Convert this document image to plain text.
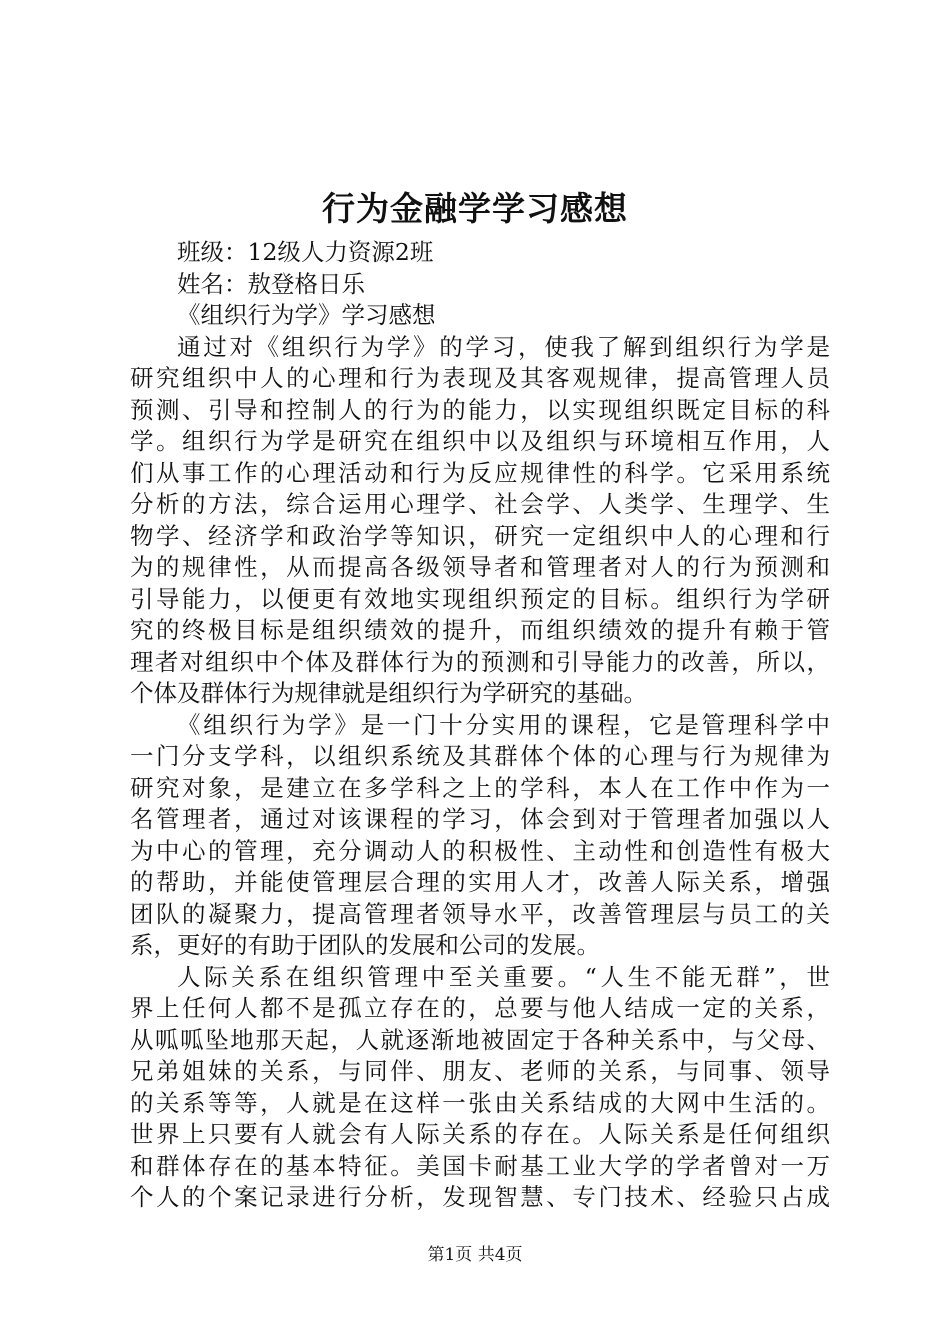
行为金融学学习感想
班级：12级人力资源2班
姓名：敖登格日乐
《组织行为学》学习感想
通过对《组织行为学》的学习，使我了解到组织行为学是
研究组织中人的心理和行为表现及其客观规律，提高管理人员
预测、引导和控制人的行为的能力，以实现组织既定目标的科
学。组织行为学是研究在组织中以及组织与环境相互作用，人
们从事工作的心理活动和行为反应规律性的科学。它采用系统
分析的方法，综合运用心理学、社会学、人类学、生理学、生
物学、经济学和政治学等知识，研究一定组织中人的心理和行
为的规律性，从而提高各级领导者和管理者对人的行为预测和
引导能力，以便更有效地实现组织预定的目标。组织行为学研
究的终极目标是组织绩效的提升，而组织绩效的提升有赖于管
理者对组织中个体及群体行为的预测和引导能力的改善，所以，
个体及群体行为规律就是组织行为学研究的基础。
《组织行为学》是一门十分实用的课程，它是管理科学中
一门分支学科，以组织系统及其群体个体的心理与行为规律为
研究对象，是建立在多学科之上的学科，本人在工作中作为一
名管理者，通过对该课程的学习，体会到对于管理者加强以人
为中心的管理，充分调动人的积极性、主动性和创造性有极大
的帮助，并能使管理层合理的实用人才，改善人际关系，增强
团队的凝聚力，提高管理者领导水平，改善管理层与员工的关
系，更好的有助于团队的发展和公司的发展。
人际关系在组织管理中至关重要。“人生不能无群”，世
界上任何人都不是孤立存在的，总要与他人结成一定的关系，
从呱呱坠地那天起，人就逐渐地被固定于各种关系中，与父母、
兄弟姐妹的关系，与同伴、朋友、老师的关系，与同事、领导
的关系等等，人就是在这样一张由关系结成的大网中生活的。
世界上只要有人就会有人际关系的存在。人际关系是任何组织
和群体存在的基本特征。美国卡耐基工业大学的学者曾对一万
个人的个案记录进行分析，发现智慧、专门技术、经验只占成
第1页 共4页
